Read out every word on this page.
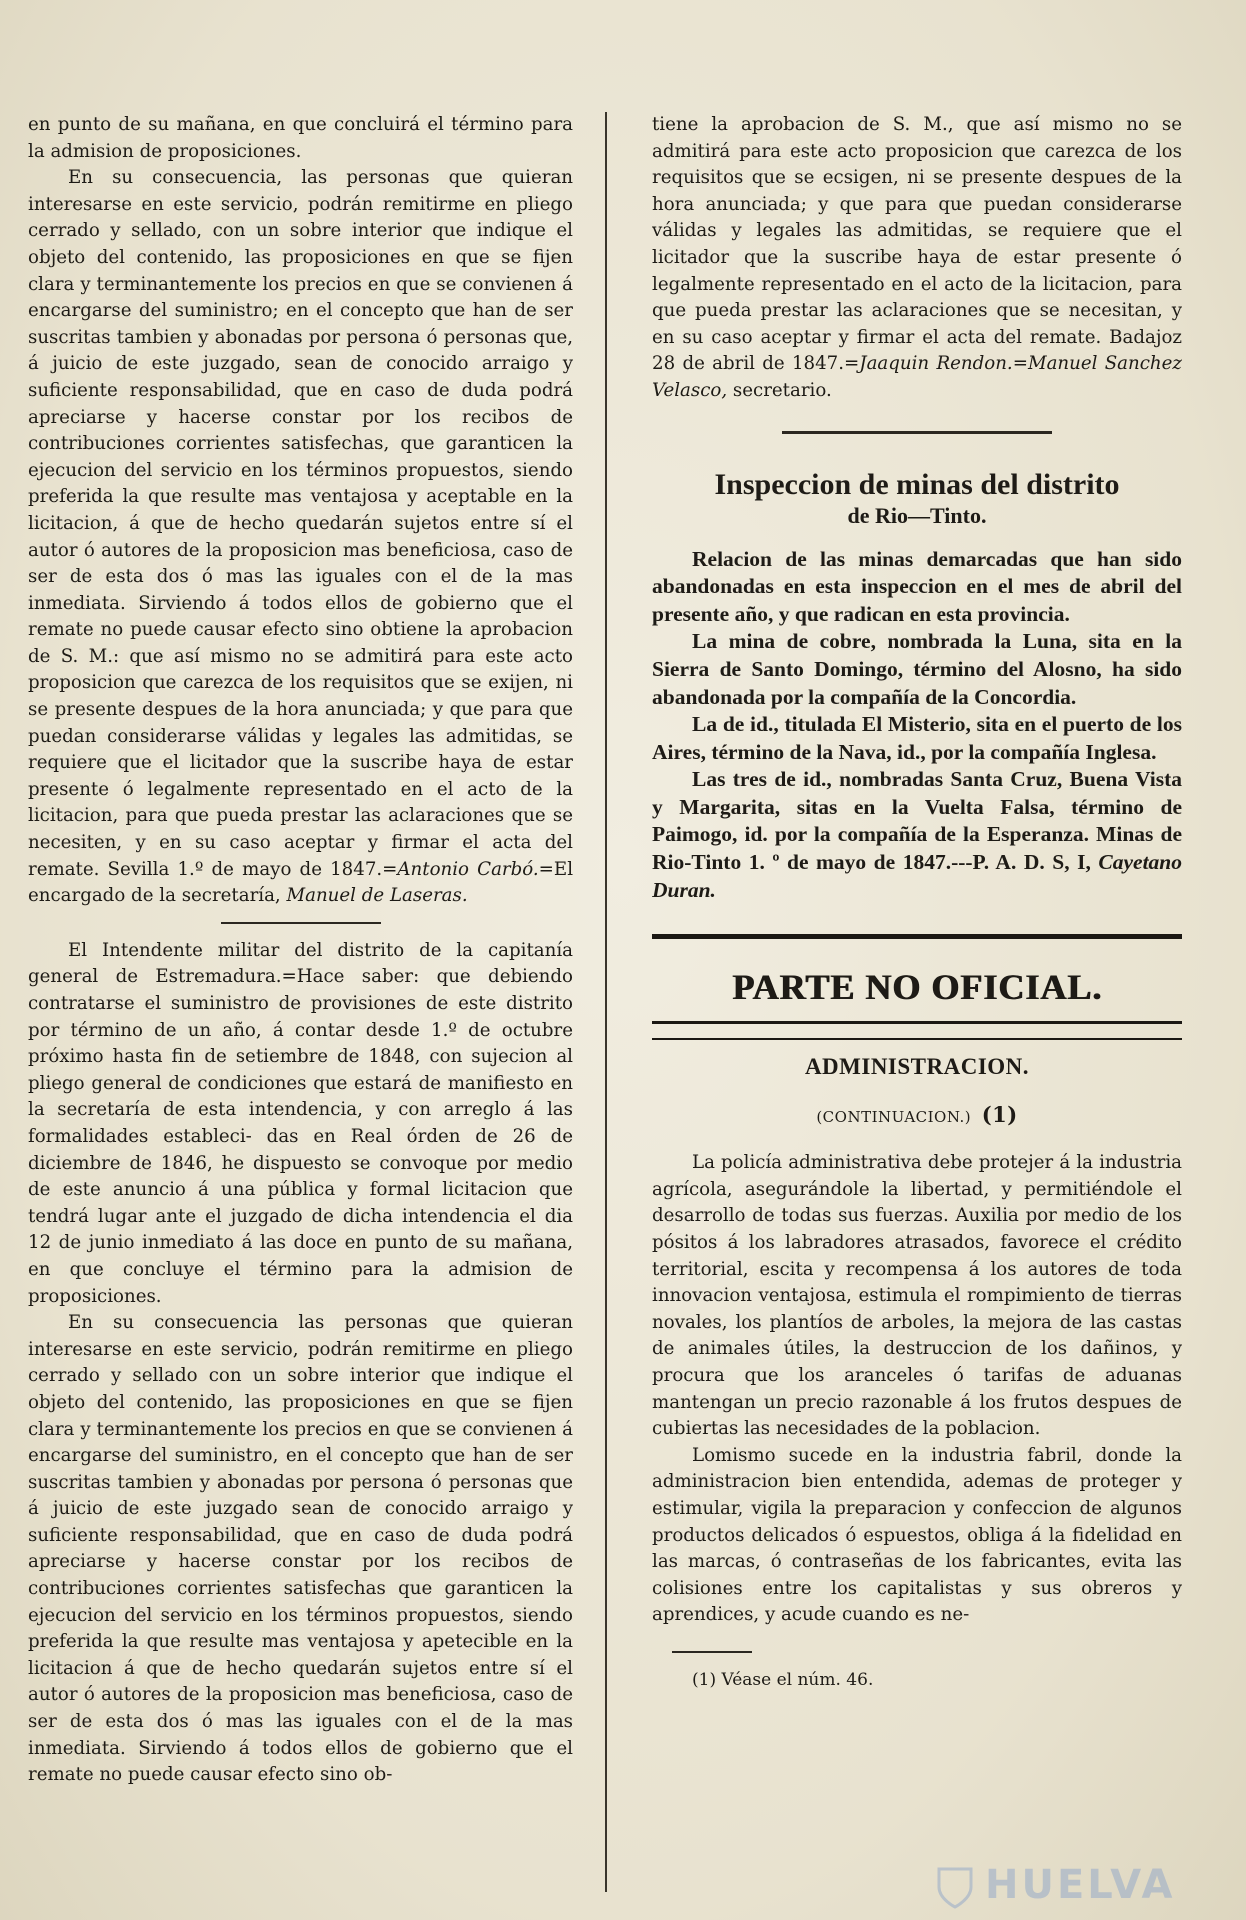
en punto de su mañana, en que concluirá el término para la admision de proposiciones.

En su consecuencia, las personas que quieran interesarse en este servicio, podrán remitirme en pliego cerrado y sellado, con un sobre interior que indique el objeto del contenido, las proposiciones en que se fijen clara y terminantemente los precios en que se convienen á encargarse del suministro; en el concepto que han de ser suscritas tambien y abonadas por persona ó personas que, á juicio de este juzgado, sean de conocido arraigo y suficiente responsabilidad, que en caso de duda podrá apreciarse y hacerse constar por los recibos de contribuciones corrientes satisfechas, que garanticen la ejecucion del servicio en los términos propuestos, siendo preferida la que resulte mas ventajosa y aceptable en la licitacion, á que de hecho quedarán sujetos entre sí el autor ó autores de la proposicion mas beneficiosa, caso de ser de esta dos ó mas las iguales con el de la mas inmediata. Sirviendo á todos ellos de gobierno que el remate no puede causar efecto sino obtiene la aprobacion de S. M.: que así mismo no se admitirá para este acto proposicion que carezca de los requisitos que se exijen, ni se presente despues de la hora anunciada; y que para que puedan considerarse válidas y legales las admitidas, se requiere que el licitador que la suscribe haya de estar presente ó legalmente representado en el acto de la licitacion, para que pueda prestar las aclaraciones que se necesiten, y en su caso aceptar y firmar el acta del remate. Sevilla 1.º de mayo de 1847.=Antonio Carbó.=El encargado de la secretaría, Manuel de Laseras.

El Intendente militar del distrito de la capitanía general de Estremadura.=Hace saber: que debiendo contratarse el suministro de provisiones de este distrito por término de un año, á contar desde 1.º de octubre próximo hasta fin de setiembre de 1848, con sujecion al pliego general de condiciones que estará de manifiesto en la secretaría de esta intendencia, y con arreglo á las formalidades estableci- das en Real órden de 26 de diciembre de 1846, he dispuesto se convoque por medio de este anuncio á una pública y formal licitacion que tendrá lugar ante el juzgado de dicha intendencia el dia 12 de junio inmediato á las doce en punto de su mañana, en que concluye el término para la admision de proposiciones.

En su consecuencia las personas que quieran interesarse en este servicio, podrán remitirme en pliego cerrado y sellado con un sobre interior que indique el objeto del contenido, las proposiciones en que se fijen clara y terminantemente los precios en que se convienen á encargarse del suministro, en el concepto que han de ser suscritas tambien y abonadas por persona ó personas que á juicio de este juzgado sean de conocido arraigo y suficiente responsabilidad, que en caso de duda podrá apreciarse y hacerse constar por los recibos de contribuciones corrientes satisfechas que garanticen la ejecucion del servicio en los términos propuestos, siendo preferida la que resulte mas ventajosa y apetecible en la licitacion á que de hecho quedarán sujetos entre sí el autor ó autores de la proposicion mas beneficiosa, caso de ser de esta dos ó mas las iguales con el de la mas inmediata. Sirviendo á todos ellos de gobierno que el remate no puede causar efecto sino ob-

tiene la aprobacion de S. M., que así mismo no se admitirá para este acto proposicion que carezca de los requisitos que se ecsigen, ni se presente despues de la hora anunciada; y que para que puedan considerarse válidas y legales las admitidas, se requiere que el licitador que la suscribe haya de estar presente ó legalmente representado en el acto de la licitacion, para que pueda prestar las aclaraciones que se necesitan, y en su caso aceptar y firmar el acta del remate. Badajoz 28 de abril de 1847.=Jaaquin Rendon.=Manuel Sanchez Velasco, secretario.

Inspeccion de minas del distrito
de Rio—Tinto.

Relacion de las minas demarcadas que han sido abandonadas en esta inspeccion en el mes de abril del presente año, y que radican en esta provincia.

La mina de cobre, nombrada la Luna, sita en la Sierra de Santo Domingo, término del Alosno, ha sido abandonada por la compañía de la Concordia.

La de id., titulada El Misterio, sita en el puerto de los Aires, término de la Nava, id., por la compañía Inglesa.

Las tres de id., nombradas Santa Cruz, Buena Vista y Margarita, sitas en la Vuelta Falsa, término de Paimogo, id. por la compañía de la Esperanza. Minas de Rio-Tinto 1. º de mayo de 1847.---P. A. D. S, I, Cayetano Duran.

PARTE NO OFICIAL.
ADMINISTRACION.
(CONTINUACION.) (1)

La policía administrativa debe protejer á la industria agrícola, asegurándole la libertad, y permitiéndole el desarrollo de todas sus fuerzas. Auxilia por medio de los pósitos á los labradores atrasados, favorece el crédito territorial, escita y recompensa á los autores de toda innovacion ventajosa, estimula el rompimiento de tierras novales, los plantíos de arboles, la mejora de las castas de animales útiles, la destruccion de los dañinos, y procura que los aranceles ó tarifas de aduanas mantengan un precio razonable á los frutos despues de cubiertas las necesidades de la poblacion.

Lomismo sucede en la industria fabril, donde la administracion bien entendida, ademas de proteger y estimular, vigila la preparacion y confeccion de algunos productos delicados ó espuestos, obliga á la fidelidad en las marcas, ó contraseñas de los fabricantes, evita las colisiones entre los capitalistas y sus obreros y aprendices, y acude cuando es ne-

(1) Véase el núm. 46.

HUELVA
